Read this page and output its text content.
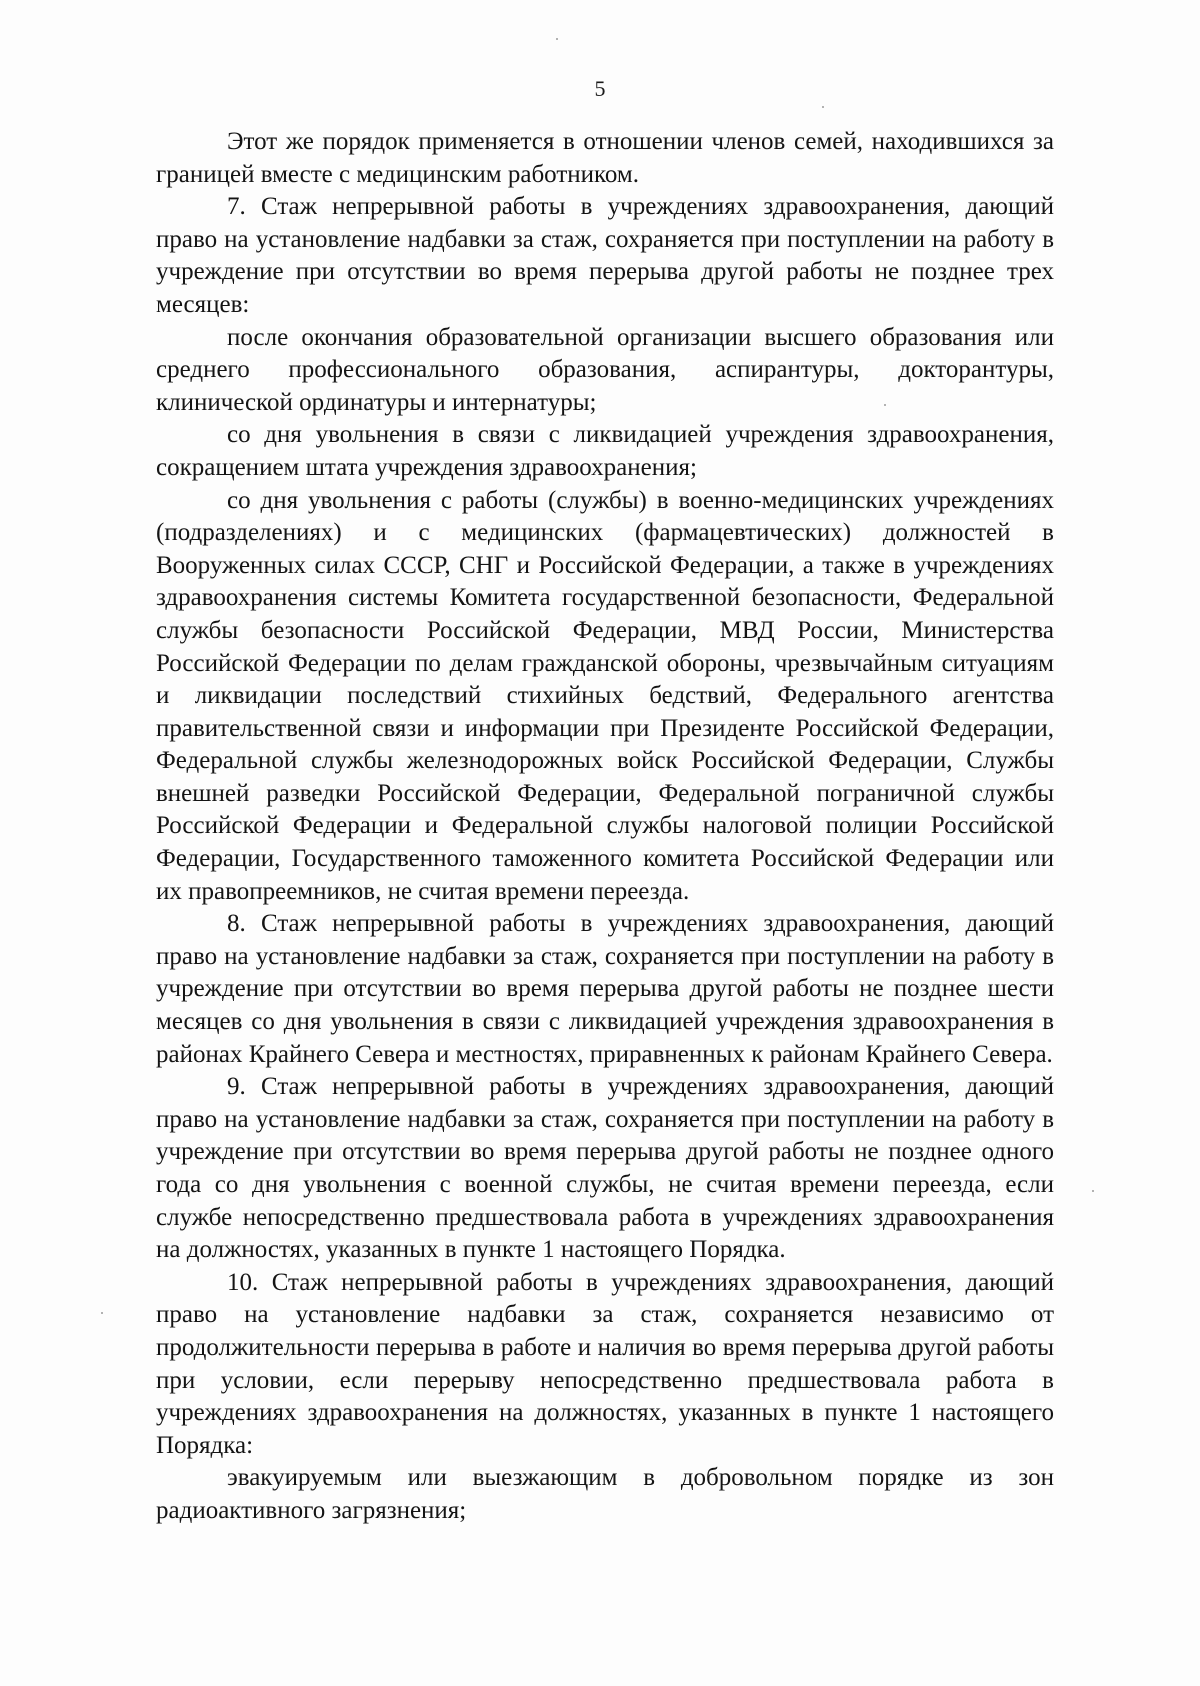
5

Этот же порядок применяется в отношении членов семей, находившихся за границей вместе с медицинским работником.

7. Стаж непрерывной работы в учреждениях здравоохранения, дающий право на установление надбавки за стаж, сохраняется при поступлении на работу в учреждение при отсутствии во время перерыва другой работы не позднее трех месяцев:

после окончания образовательной организации высшего образования или среднего профессионального образования, аспирантуры, докторантуры, клинической ординатуры и интернатуры;

со дня увольнения в связи с ликвидацией учреждения здравоохранения, сокращением штата учреждения здравоохранения;

со дня увольнения с работы (службы) в военно-медицинских учреждениях (подразделениях) и с медицинских (фармацевтических) должностей в Вооруженных силах СССР, СНГ и Российской Федерации, а также в учреждениях здравоохранения системы Комитета государственной безопасности, Федеральной службы безопасности Российской Федерации, МВД России, Министерства Российской Федерации по делам гражданской обороны, чрезвычайным ситуациям и ликвидации последствий стихийных бедствий, Федерального агентства правительственной связи и информации при Президенте Российской Федерации, Федеральной службы железнодорожных войск Российской Федерации, Службы внешней разведки Российской Федерации, Федеральной пограничной службы Российской Федерации и Федеральной службы налоговой полиции Российской Федерации, Государственного таможенного комитета Российской Федерации или их правопреемников, не считая времени переезда.

8. Стаж непрерывной работы в учреждениях здравоохранения, дающий право на установление надбавки за стаж, сохраняется при поступлении на работу в учреждение при отсутствии во время перерыва другой работы не позднее шести месяцев со дня увольнения в связи с ликвидацией учреждения здравоохранения в районах Крайнего Севера и местностях, приравненных к районам Крайнего Севера.

9. Стаж непрерывной работы в учреждениях здравоохранения, дающий право на установление надбавки за стаж, сохраняется при поступлении на работу в учреждение при отсутствии во время перерыва другой работы не позднее одного года со дня увольнения с военной службы, не считая времени переезда, если службе непосредственно предшествовала работа в учреждениях здравоохранения на должностях, указанных в пункте 1 настоящего Порядка.

10. Стаж непрерывной работы в учреждениях здравоохранения, дающий право на установление надбавки за стаж, сохраняется независимо от продолжительности перерыва в работе и наличия во время перерыва другой работы при условии, если перерыву непосредственно предшествовала работа в учреждениях здравоохранения на должностях, указанных в пункте 1 настоящего Порядка:

эвакуируемым или выезжающим в добровольном порядке из зон радиоактивного загрязнения;
